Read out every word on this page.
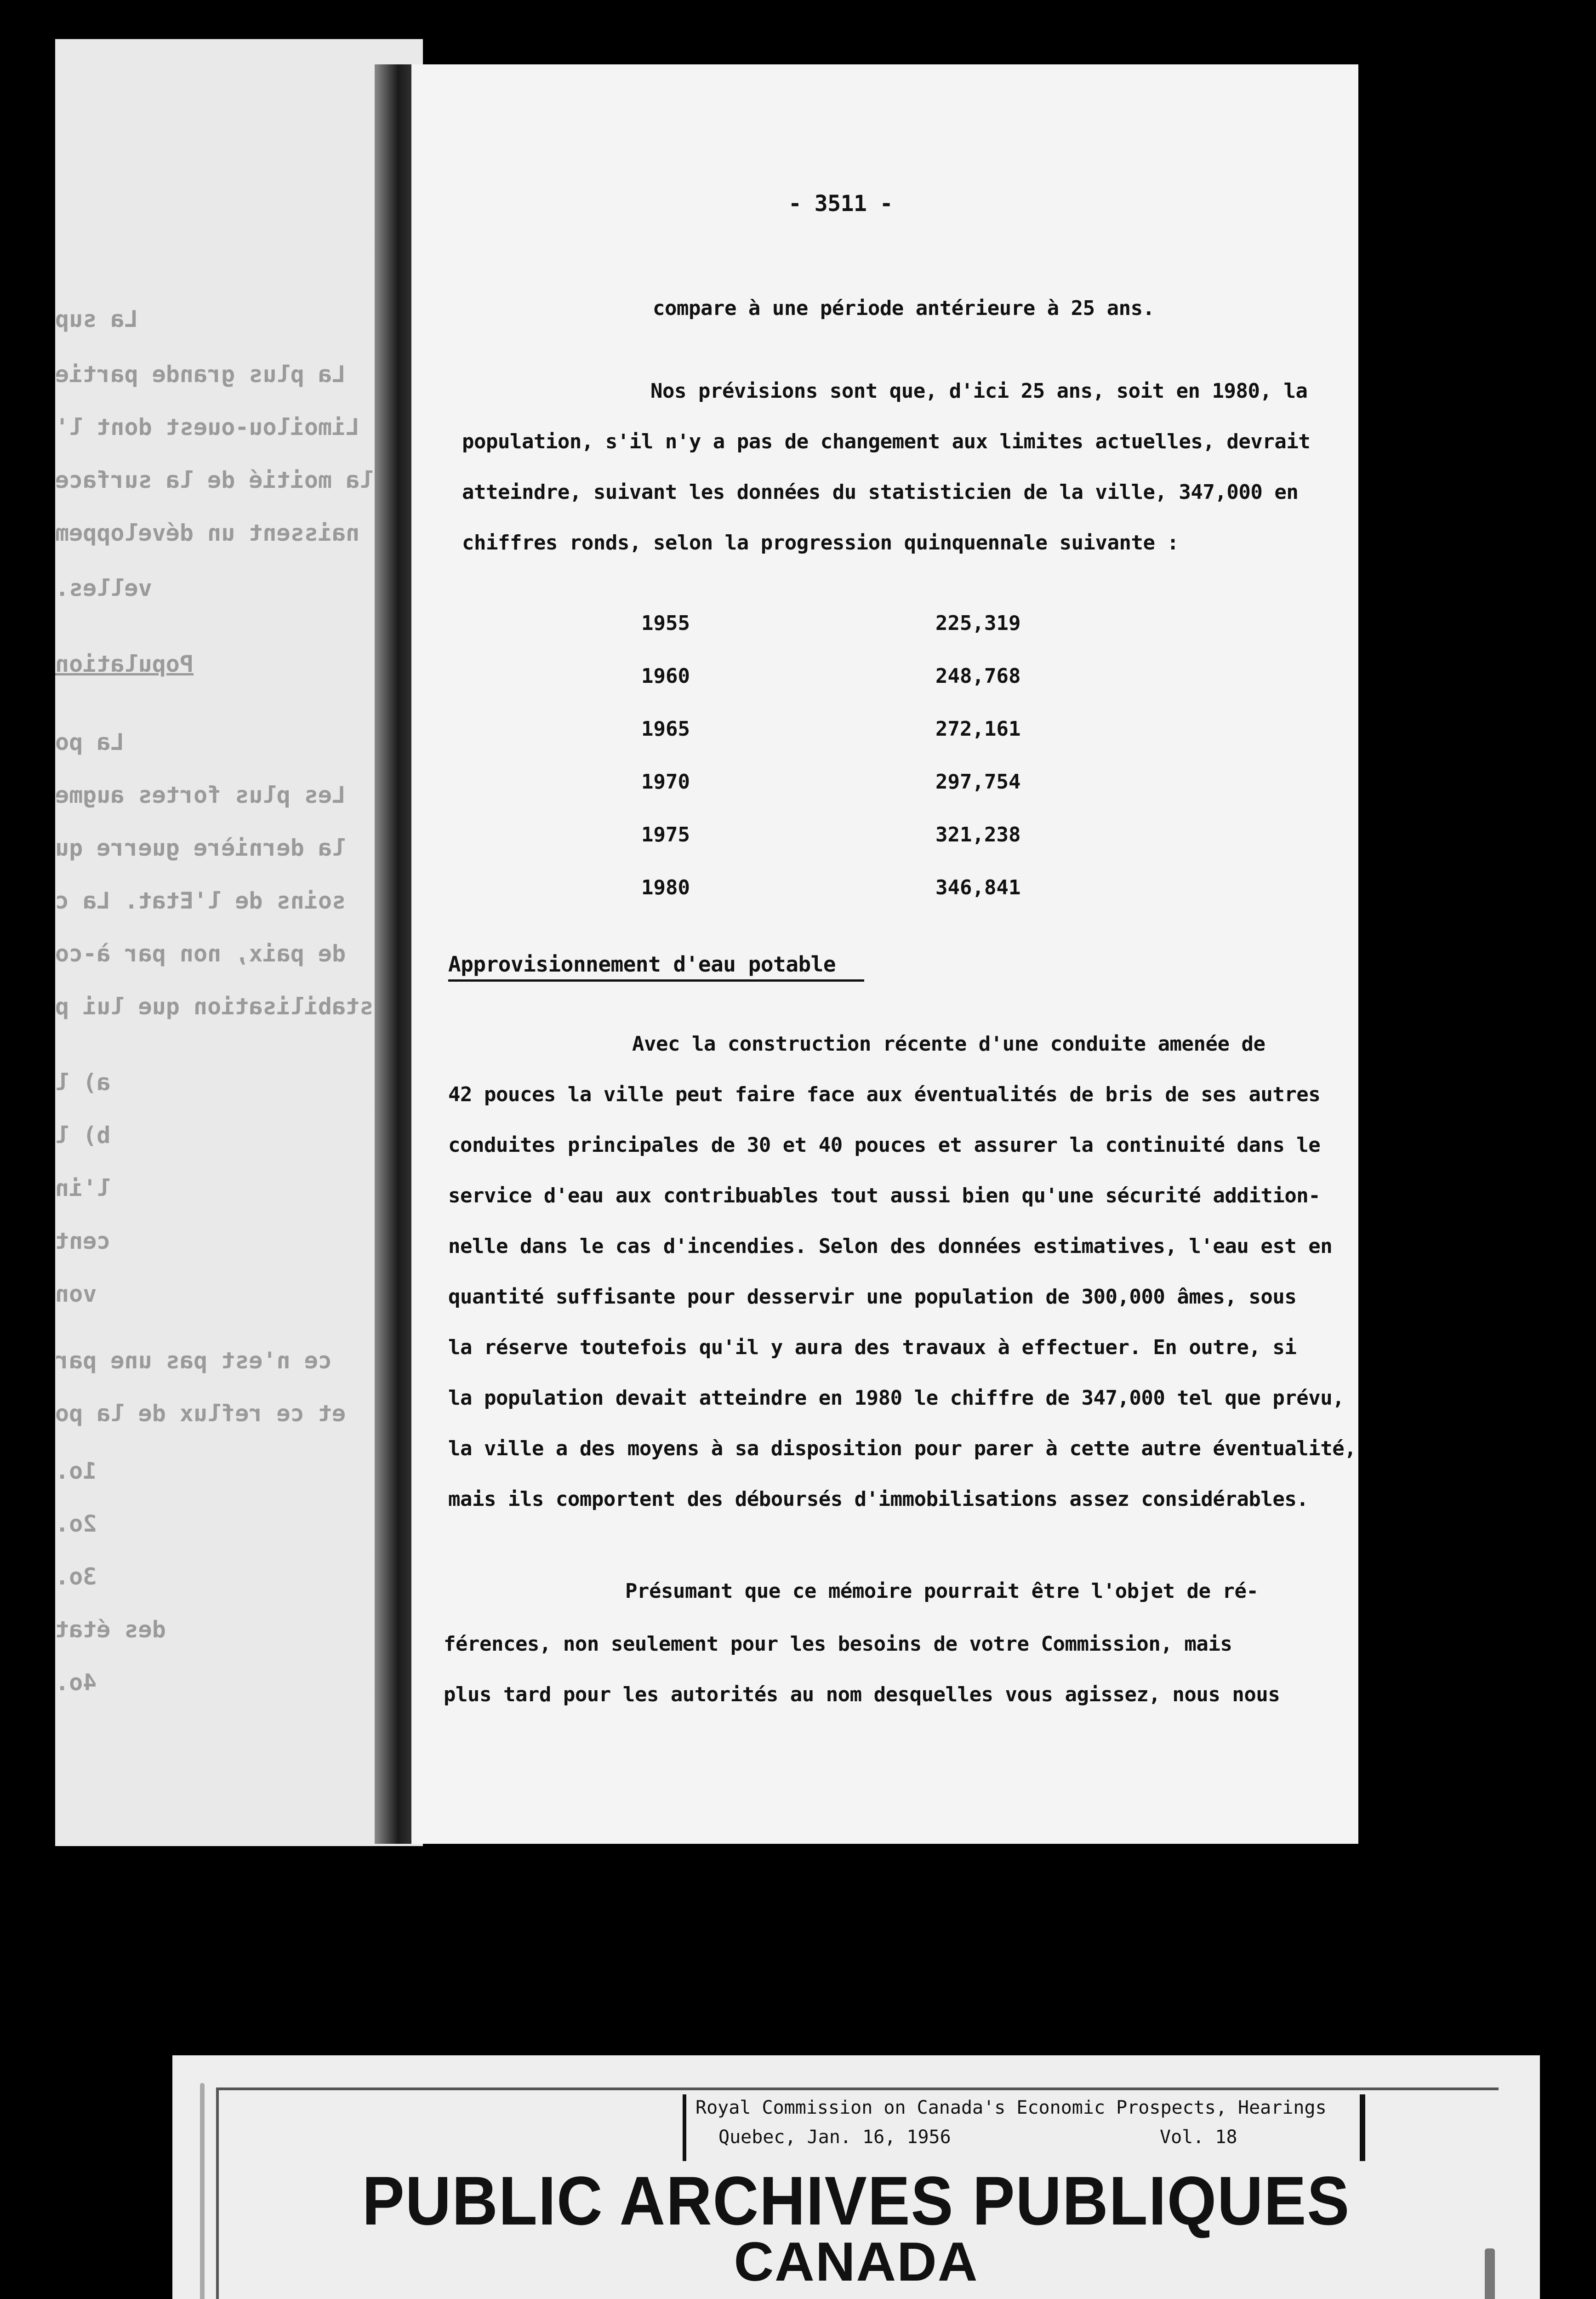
La sup
La plus grande partie
Limoilou-ouest dont l'
la moitié de la surface
naissent un développem
velles.
Population
La po
Les plus fortes augme
la dernière guerre qu
soins de l'Etat. La c
de paix, non par à-co
stabilisation que lui p
a) l
b) l
l'in
cent
von
ce n'est pas une par
et ce reflux de la po
1o.
2o.
3o.
des état
4o.
- 3511 -
compare à une période antérieure à 25 ans.
Nos prévisions sont que, d'ici 25 ans, soit en 1980, la
population, s'il n'y a pas de changement aux limites actuelles, devrait
atteindre, suivant les données du statisticien de la ville, 347,000 en
chiffres ronds, selon la progression quinquennale suivante :
1955	225,319
1960	248,768
1965	272,161
1970	297,754
1975	321,238
1980	346,841
Approvisionnement d'eau potable
Avec la construction récente d'une conduite amenée de
42 pouces la ville peut faire face aux éventualités de bris de ses autres
conduites principales de 30 et 40 pouces et assurer la continuité dans le
service d'eau aux contribuables tout aussi bien qu'une sécurité addition-
nelle dans le cas d'incendies. Selon des données estimatives, l'eau est en
quantité suffisante pour desservir une population de 300,000 âmes, sous
la réserve toutefois qu'il y aura des travaux à effectuer. En outre, si
la population devait atteindre en 1980 le chiffre de 347,000 tel que prévu,
la ville a des moyens à sa disposition pour parer à cette autre éventualité,
mais ils comportent des déboursés d'immobilisations assez considérables.
Présumant que ce mémoire pourrait être l'objet de ré-
férences, non seulement pour les besoins de votre Commission, mais
plus tard pour les autorités au nom desquelles vous agissez, nous nous
Royal Commission on Canada's Economic Prospects, Hearings
Quebec, Jan. 16, 1956	Vol. 18
PUBLIC ARCHIVES PUBLIQUES
CANADA
